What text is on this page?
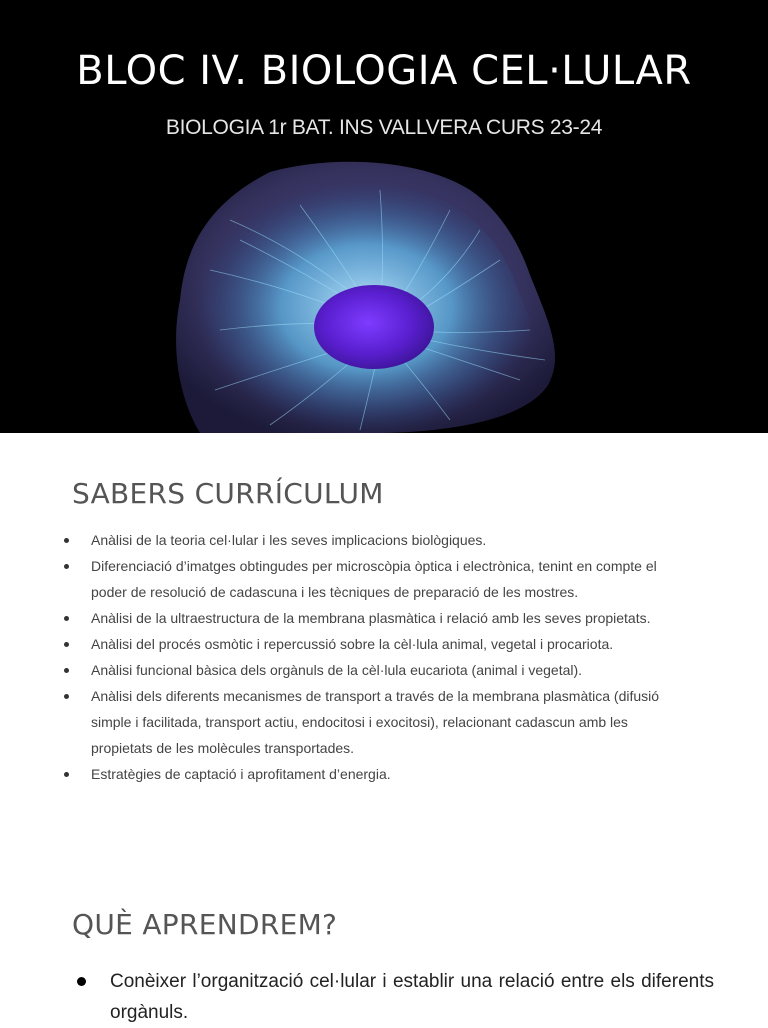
BLOC IV. BIOLOGIA CEL·LULAR
BIOLOGIA 1r BAT. INS VALLVERA CURS 23-24
SABERS CURRÍCULUM
Anàlisi de la teoria cel·lular i les seves implicacions biològiques.
Diferenciació d’imatges obtingudes per microscòpia òptica i electrònica, tenint en compte el poder de resolució de cadascuna i les tècniques de preparació de les mostres.
Anàlisi de la ultraestructura de la membrana plasmàtica i relació amb les seves propietats.
Anàlisi del procés osmòtic i repercussió sobre la cèl·lula animal, vegetal i procariota.
Anàlisi funcional bàsica dels orgànuls de la cèl·lula eucariota (animal i vegetal).
Anàlisi dels diferents mecanismes de transport a través de la membrana plasmàtica (difusió simple i facilitada, transport actiu, endocitosi i exocitosi), relacionant cadascun amb les propietats de les molècules transportades.
Estratègies de captació i aprofitament d’energia.
QUÈ APRENDREM?
Conèixer l’organització cel·lular i establir una relació entre els diferents orgànuls.
